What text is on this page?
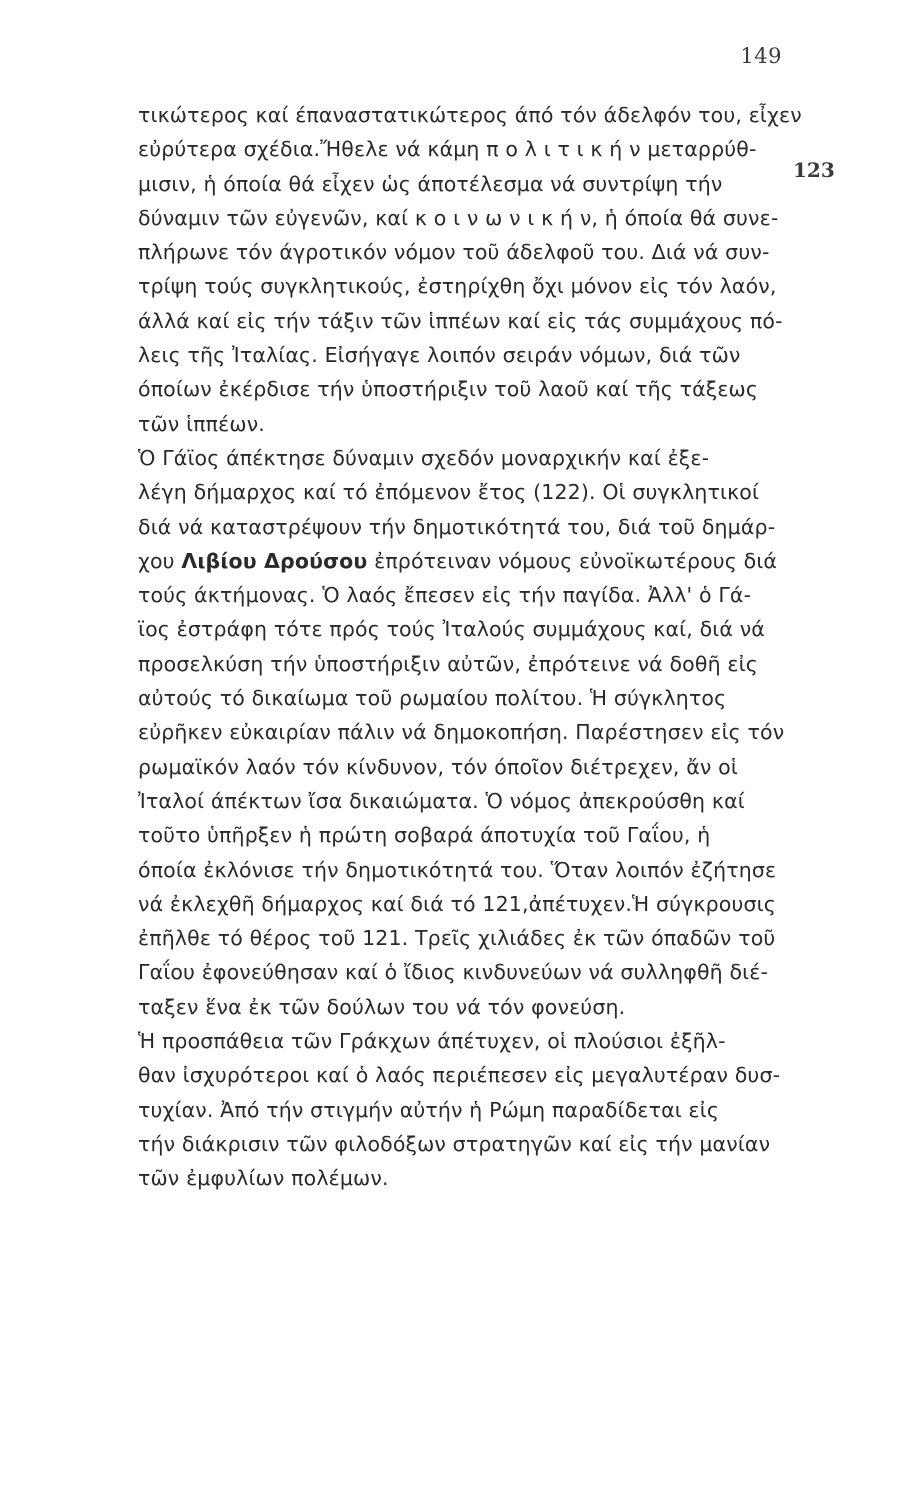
149
123
τικώτερος καί έπαναστατικώτερος άπό τόν άδελφόν του, εἶχεν
εὐρύτερα σχέδια.Ἤθελε νά κάμη π ο λ ι τ ι κ ή ν μεταρρύθ-
μισιν, ἡ όποία θά εἶχεν ὡς άποτέλεσμα νά συντρίψη τήν
δύναμιν τῶν εὐγενῶν, καί κ ο ι ν ω ν ι κ ή ν, ἡ όποία θά συνε-
πλήρωνε τόν άγροτικόν νόμον τοῦ άδελφοῦ του. Διά νά συν-
τρίψη τούς συγκλητικούς, ἐστηρίχθη ὄχι μόνον εἰς τόν λαόν,
άλλά καί εἰς τήν τάξιν τῶν ἱππέων καί εἰς τάς συμμάχους πό-
λεις τῆς Ἰταλίας. Εἰσήγαγε λοιπόν σειράν νόμων, διά τῶν
όποίων ἐκέρδισε τήν ὑποστήριξιν τοῦ λαοῦ καί τῆς τάξεως
τῶν ἱππέων.
Ὁ Γάϊος άπέκτησε δύναμιν σχεδόν μοναρχικήν καί ἐξε-
λέγη δήμαρχος καί τό ἐπόμενον ἔτος (122). Οἱ συγκλητικοί
διά νά καταστρέψουν τήν δημοτικότητά του, διά τοῦ δημάρ-
χου Λιβίου Δρούσου ἐπρότειναν νόμους εὐνοϊκωτέρους διά
τούς άκτήμονας. Ὁ λαός ἔπεσεν εἰς τήν παγίδα. Ἀλλ' ὁ Γά-
ϊος ἐστράφη τότε πρός τούς Ἰταλούς συμμάχους καί, διά νά
προσελκύση τήν ὑποστήριξιν αὐτῶν, ἐπρότεινε νά δοθῆ εἰς
αὐτούς τό δικαίωμα τοῦ ρωμαίου πολίτου. Ἡ σύγκλητος
εὐρῆκεν εὐκαιρίαν πάλιν νά δημοκοπήση. Παρέστησεν εἰς τόν
ρωμαϊκόν λαόν τόν κίνδυνον, τόν όποῖον διέτρεχεν, ἄν οἱ
Ἰταλοί άπέκτων ἴσα δικαιώματα. Ὁ νόμος ἀπεκρούσθη καί
τοῦτο ὑπῆρξεν ἡ πρώτη σοβαρά άποτυχία τοῦ Γαΐου, ἡ
όποία ἐκλόνισε τήν δημοτικότητά του. Ὅταν λοιπόν ἐζήτησε
νά ἐκλεχθῆ δήμαρχος καί διά τό 121,ἀπέτυχεν.Ἡ σύγκρουσις
ἐπῆλθε τό θέρος τοῦ 121. Τρεῖς χιλιάδες ἐκ τῶν όπαδῶν τοῦ
Γαΐου ἐφονεύθησαν καί ὁ ἴδιος κινδυνεύων νά συλληφθῆ διέ-
ταξεν ἕνα ἐκ τῶν δούλων του νά τόν φονεύση.
Ἡ προσπάθεια τῶν Γράκχων άπέτυχεν, οἱ πλούσιοι ἐξῆλ-
θαν ἰσχυρότεροι καί ὁ λαός περιέπεσεν εἰς μεγαλυτέραν δυσ-
τυχίαν. Ἀπό τήν στιγμήν αὐτήν ἡ Ρώμη παραδίδεται εἰς
τήν διάκρισιν τῶν φιλοδόξων στρατηγῶν καί εἰς τήν μανίαν
τῶν ἐμφυλίων πολέμων.
